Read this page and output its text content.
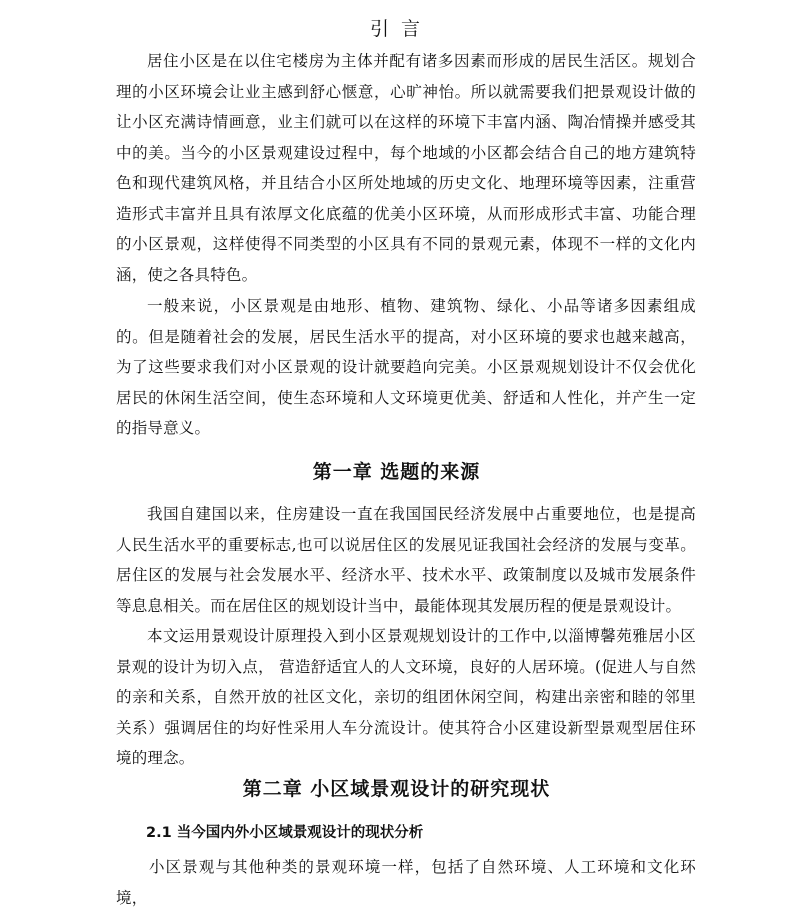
引 言

居住小区是在以住宅楼房为主体并配有诸多因素而形成的居民生活区。规划合理的小区环境会让业主感到舒心惬意，心旷神怡。所以就需要我们把景观设计做的让小区充满诗情画意，业主们就可以在这样的环境下丰富内涵、陶冶情操并感受其中的美。当今的小区景观建设过程中，每个地域的小区都会结合自己的地方建筑特色和现代建筑风格，并且结合小区所处地域的历史文化、地理环境等因素，注重营造形式丰富并且具有浓厚文化底蕴的优美小区环境，从而形成形式丰富、功能合理的小区景观，这样使得不同类型的小区具有不同的景观元素，体现不一样的文化内涵，使之各具特色。

一般来说，小区景观是由地形、植物、建筑物、绿化、小品等诸多因素组成的。但是随着社会的发展，居民生活水平的提高，对小区环境的要求也越来越高，为了这些要求我们对小区景观的设计就要趋向完美。小区景观规划设计不仅会优化居民的休闲生活空间，使生态环境和人文环境更优美、舒适和人性化，并产生一定的指导意义。

第一章 选题的来源

我国自建国以来，住房建设一直在我国国民经济发展中占重要地位，也是提高人民生活水平的重要标志,也可以说居住区的发展见证我国社会经济的发展与变革。居住区的发展与社会发展水平、经济水平、技术水平、政策制度以及城市发展条件等息息相关。而在居住区的规划设计当中，最能体现其发展历程的便是景观设计。

本文运用景观设计原理投入到小区景观规划设计的工作中,以淄博馨苑雅居小区景观的设计为切入点， 营造舒适宜人的人文环境，良好的人居环境。(促进人与自然的亲和关系，自然开放的社区文化，亲切的组团休闲空间，构建出亲密和睦的邻里关系）强调居住的均好性采用人车分流设计。使其符合小区建设新型景观型居住环境的理念。

第二章 小区域景观设计的研究现状
2.1 当今国内外小区域景观设计的现状分析

小区景观与其他种类的景观环境一样，包括了自然环境、人工环境和文化环境，
